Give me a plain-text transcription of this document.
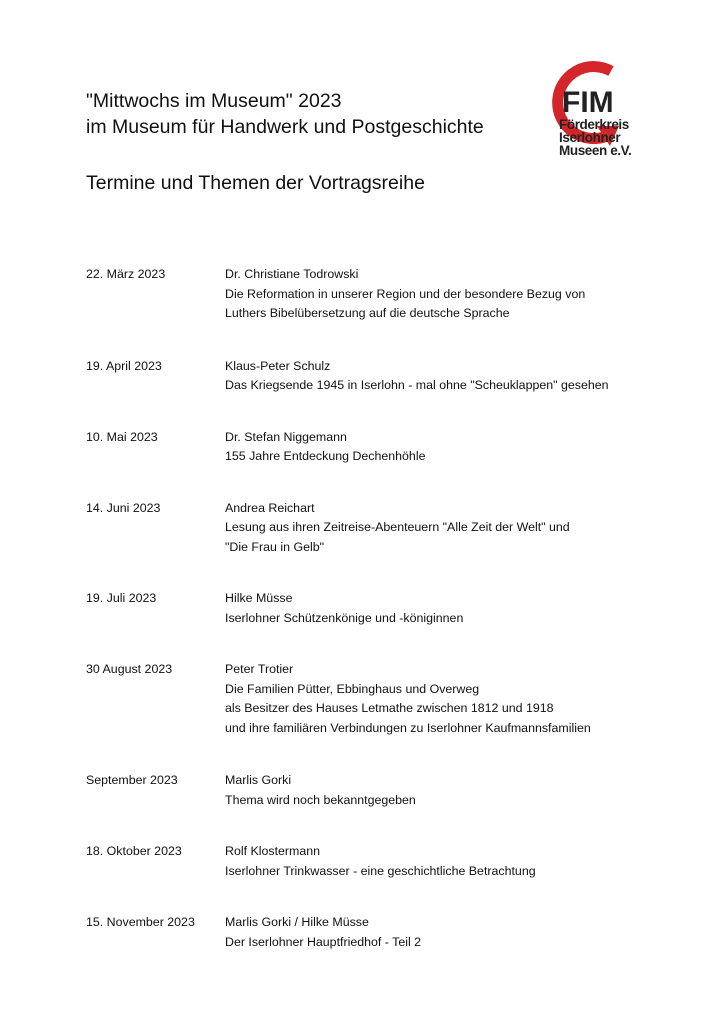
"Mittwochs im Museum" 2023
im Museum für Handwerk und Postgeschichte
Termine und Themen der Vortragsreihe
FIM
Förderkreis
Iserlohner
Museen e.V.
22. März 2023	Dr. Christiane Todrowski
Die Reformation in unserer Region und der besondere Bezug von
Luthers Bibelübersetzung auf die deutsche Sprache
19. April 2023	Klaus-Peter Schulz
Das Kriegsende 1945 in Iserlohn - mal ohne "Scheuklappen" gesehen
10. Mai 2023	Dr. Stefan Niggemann
155 Jahre Entdeckung Dechenhöhle
14. Juni 2023	Andrea Reichart
Lesung aus ihren Zeitreise-Abenteuern "Alle Zeit der Welt" und
"Die Frau in Gelb"
19. Juli 2023	Hilke Müsse
Iserlohner Schützenkönige und -königinnen
30 August 2023	Peter Trotier
Die Familien Pütter, Ebbinghaus und Overweg
als Besitzer des Hauses Letmathe zwischen 1812 und 1918
und ihre familiären Verbindungen zu Iserlohner Kaufmannsfamilien
September 2023	Marlis Gorki
Thema wird noch bekanntgegeben
18. Oktober 2023	Rolf Klostermann
Iserlohner Trinkwasser - eine geschichtliche Betrachtung
15. November 2023	Marlis Gorki / Hilke Müsse
Der Iserlohner Hauptfriedhof - Teil 2
